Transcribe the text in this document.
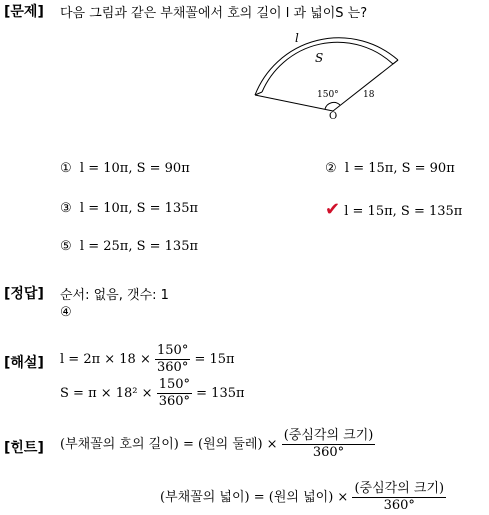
[문제] 다음 그림과 같은 부채꼴에서 호의 길이 l 과 넓이S 는?
l
S
150°	18
O
① l = 10π, S = 90π	② l = 15π, S = 90π
③ l = 10π, S = 135π	✔ l = 15π, S = 135π
⑤ l = 25π, S = 135π
[정답] 순서: 없음, 갯수: 1
④
[해설] $l = 2\pi \times 18 \times \frac{150^\circ}{360^\circ} = 15\pi$
$S = \pi \times 18^2 \times \frac{150^\circ}{360^\circ} = 135\pi$
[힌트] (부채꼴의 호의 길이) = (원의 둘레) × $\frac{\text{(중심각의 크기)}}{360^\circ}$
(부채꼴의 넓이) = (원의 넓이) × $\frac{\text{(중심각의 크기)}}{360^\circ}$
